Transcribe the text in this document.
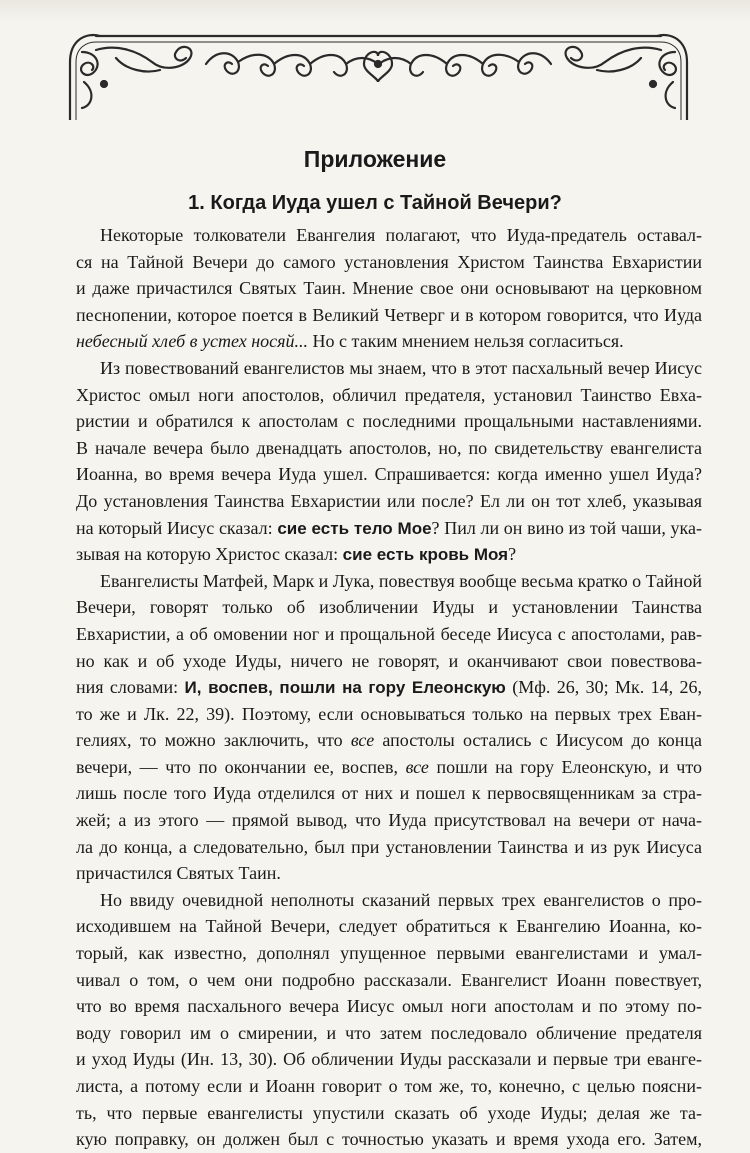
Приложение
1. Когда Иуда ушел с Тайной Вечери?
Некоторые толкователи Евангелия полагают, что Иуда-предатель оставал-
ся на Тайной Вечери до самого установления Христом Таинства Евхаристии
и даже причастился Святых Таин. Мнение свое они основывают на церковном
песнопении, которое поется в Великий Четверг и в котором говорится, что Иуда
небесный хлеб в устех носяй... Но с таким мнением нельзя согласиться.
Из повествований евангелистов мы знаем, что в этот пасхальный вечер Иисус
Христос омыл ноги апостолов, обличил предателя, установил Таинство Евха-
ристии и обратился к апостолам с последними прощальными наставлениями.
В начале вечера было двенадцать апостолов, но, по свидетельству евангелиста
Иоанна, во время вечера Иуда ушел. Спрашивается: когда именно ушел Иуда?
До установления Таинства Евхаристии или после? Ел ли он тот хлеб, указывая
на который Иисус сказал: сие есть тело Мое? Пил ли он вино из той чаши, ука-
зывая на которую Христос сказал: сие есть кровь Моя?
Евангелисты Матфей, Марк и Лука, повествуя вообще весьма кратко о Тайной
Вечери, говорят только об изобличении Иуды и установлении Таинства
Евхаристии, а об омовении ног и прощальной беседе Иисуса с апостолами, рав-
но как и об уходе Иуды, ничего не говорят, и оканчивают свои повествова-
ния словами: И, воспев, пошли на гору Елеонскую (Мф. 26, 30; Мк. 14, 26,
то же и Лк. 22, 39). Поэтому, если основываться только на первых трех Еван-
гелиях, то можно заключить, что все апостолы остались с Иисусом до конца
вечери, — что по окончании ее, воспев, все пошли на гору Елеонскую, и что
лишь после того Иуда отделился от них и пошел к первосвященникам за стра-
жей; а из этого — прямой вывод, что Иуда присутствовал на вечери от нача-
ла до конца, а следовательно, был при установлении Таинства и из рук Иисуса
причастился Святых Таин.
Но ввиду очевидной неполноты сказаний первых трех евангелистов о про-
исходившем на Тайной Вечери, следует обратиться к Евангелию Иоанна, ко-
торый, как известно, дополнял упущенное первыми евангелистами и умал-
чивал о том, о чем они подробно рассказали. Евангелист Иоанн повествует,
что во время пасхального вечера Иисус омыл ноги апостолам и по этому по-
воду говорил им о смирении, и что затем последовало обличение предателя
и уход Иуды (Ин. 13, 30). Об обличении Иуды рассказали и первые три еванге-
листа, а потому если и Иоанн говорит о том же, то, конечно, с целью поясни-
ть, что первые евангелисты упустили сказать об уходе Иуды; делая же та-
кую поправку, он должен был с точностью указать и время ухода его. Затем,
